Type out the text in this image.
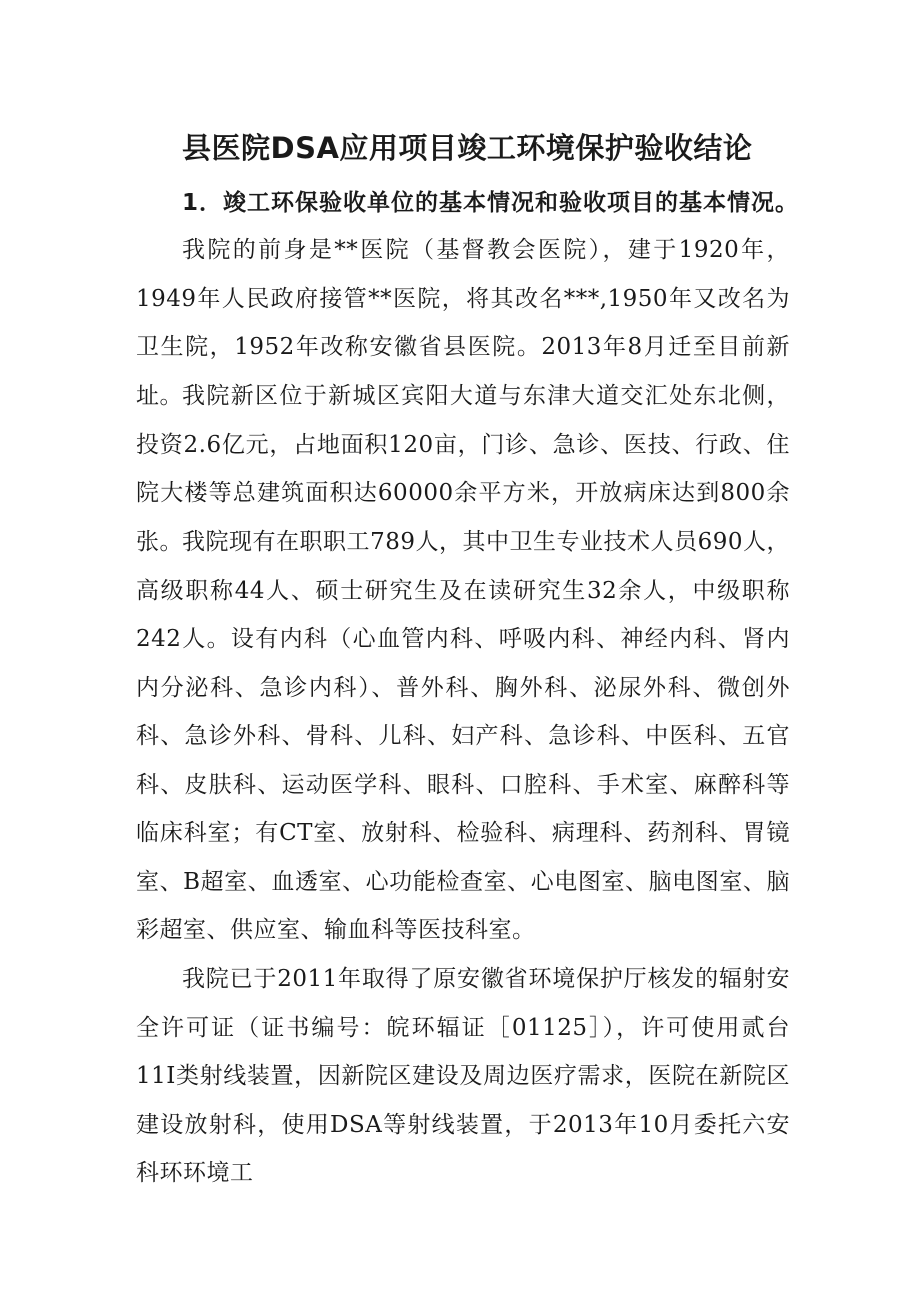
县医院DSA应用项目竣工环境保护验收结论
1．竣工环保验收单位的基本情况和验收项目的基本情况。

我院的前身是**医院（基督教会医院），建于1920年，1949年人民政府接管**医院，将其改名***,1950年又改名为卫生院，1952年改称安徽省县医院。2013年8月迁至目前新址。 我院新区位于新城区宾阳大道与东津大道交汇处东北侧，投资2.6亿元，占地面积120亩，门诊、急诊、医技、行政、住院大楼等总建筑面积达60000余平方米，开放病床达到800余张。 我院现有在职职工789人，其中卫生专业技术人员690人，高级职称44人、硕士研究生及在读研究生32余人，中级职称242人。设有内科（心血管内科、呼吸内科、神经内科、肾内内分泌科、急诊内科）、普外科、胸外科、泌尿外科、微创外科、急诊外科、骨科、儿科、妇产科、急诊科、中医科、五官科、皮肤科、运动医学科、眼科、口腔科、手术室、麻醉科等临床科室；有CT室、放射科、检验科、病理科、药剂科、胃镜室、B超室、血透室、心功能检查室、心电图室、脑电图室、脑彩超室、供应室、输血科等医技科室。

我院已于2011年取得了原安徽省环境保护厅核发的辐射安全许可证（证书编号：皖环辐证［01125］），许可使用贰台11I类射线装置，因新院区建设及周边医疗需求，医院在新院区建设放射科，使用DSA等射线装置，于2013年10月委托六安科环环境工
